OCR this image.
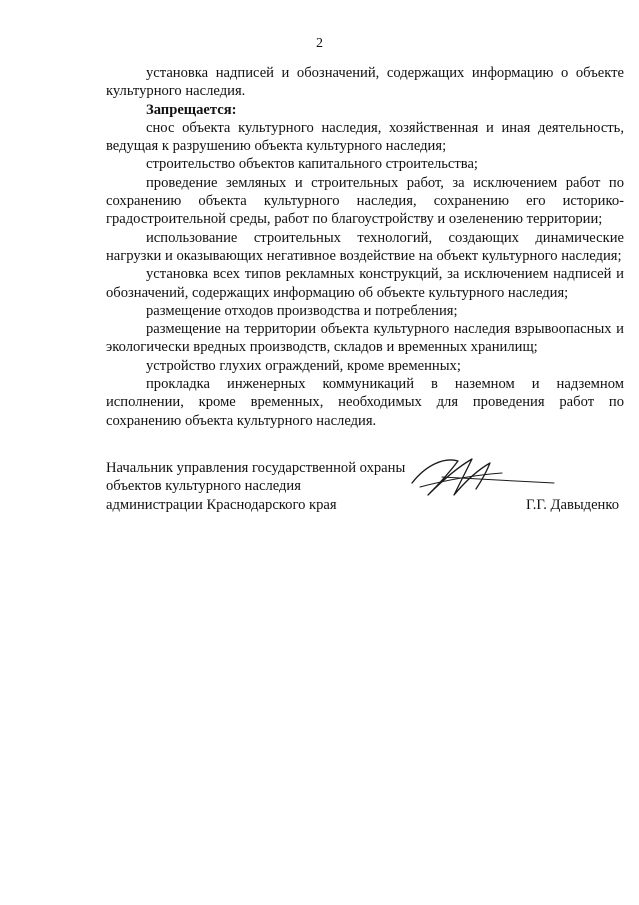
2

установка надписей и обозначений, содержащих информацию о объекте культурного наследия.

Запрещается:

снос объекта культурного наследия, хозяйственная и иная деятельность, ведущая к разрушению объекта культурного наследия;

строительство объектов капитального строительства;

проведение земляных и строительных работ, за исключением работ по сохранению объекта культурного наследия, сохранению его историко-градостроительной среды, работ по благоустройству и озеленению территории;

использование строительных технологий, создающих динамические нагрузки и оказывающих негативное воздействие на объект культурного наследия;

установка всех типов рекламных конструкций, за исключением надписей и обозначений, содержащих информацию об объекте культурного наследия;

размещение отходов производства и потребления;

размещение на территории объекта культурного наследия взрывоопасных и экологически вредных производств, складов и временных хранилищ;

устройство глухих ограждений, кроме временных;

прокладка инженерных коммуникаций в наземном и надземном исполнении, кроме временных, необходимых для проведения работ по сохранению объекта культурного наследия.

Начальник управления государственной охраны
объектов культурного наследия
администрации Краснодарского края	Г.Г. Давыденко
